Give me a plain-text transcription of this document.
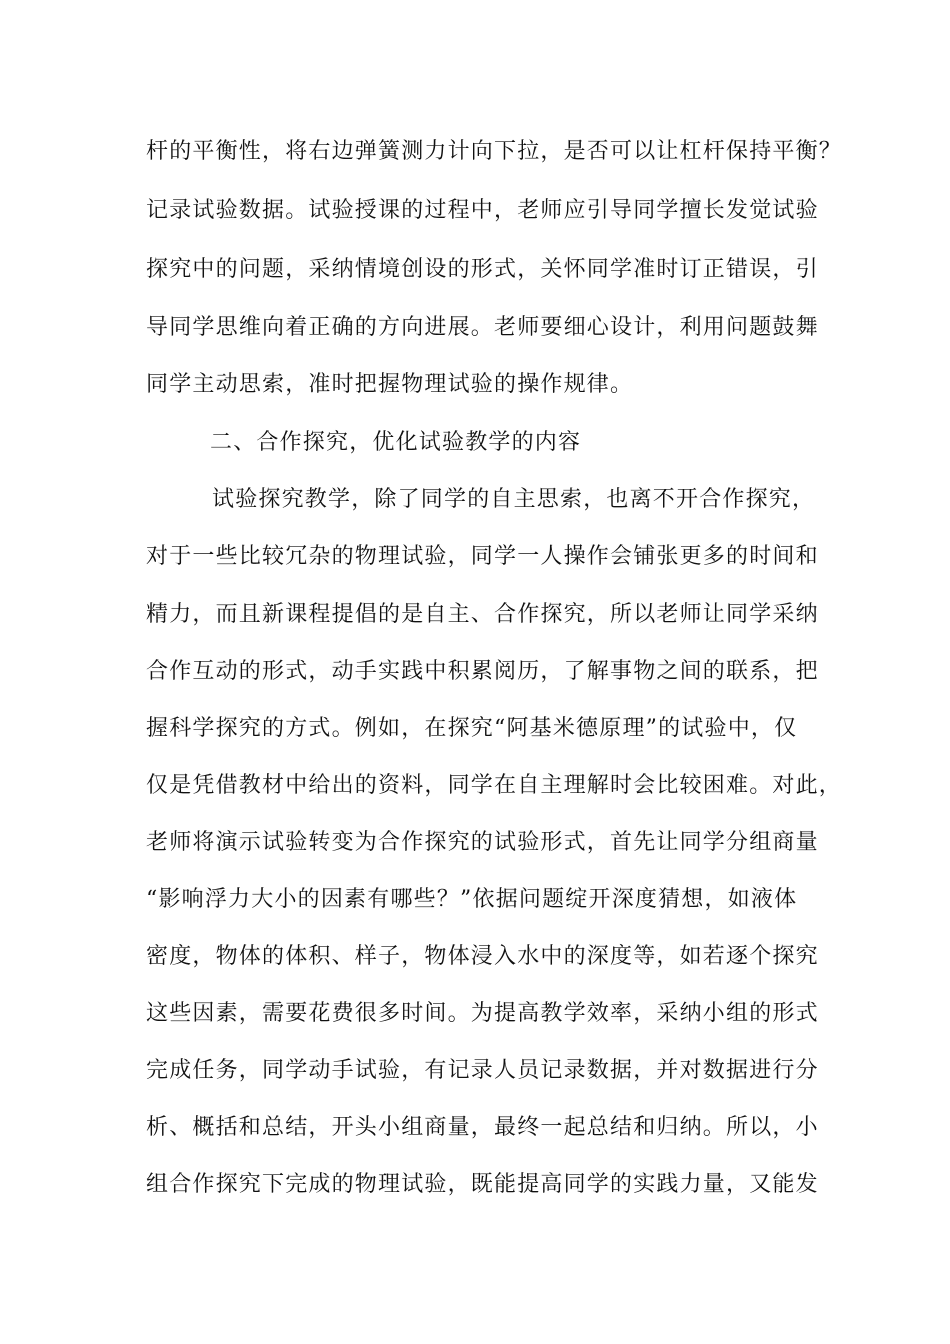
杆的平衡性，将右边弹簧测力计向下拉，是否可以让杠杆保持平衡？
记录试验数据。试验授课的过程中，老师应引导同学擅长发觉试验
探究中的问题，采纳情境创设的形式，关怀同学准时订正错误，引
导同学思维向着正确的方向进展。老师要细心设计，利用问题鼓舞
同学主动思索，准时把握物理试验的操作规律。
二、合作探究，优化试验教学的内容
试验探究教学，除了同学的自主思索，也离不开合作探究，
对于一些比较冗杂的物理试验，同学一人操作会铺张更多的时间和
精力，而且新课程提倡的是自主、合作探究，所以老师让同学采纳
合作互动的形式，动手实践中积累阅历，了解事物之间的联系，把
握科学探究的方式。例如，在探究“阿基米德原理”的试验中，仅
仅是凭借教材中给出的资料，同学在自主理解时会比较困难。对此，
老师将演示试验转变为合作探究的试验形式，首先让同学分组商量
“影响浮力大小的因素有哪些？”依据问题绽开深度猜想，如液体
密度，物体的体积、样子，物体浸入水中的深度等，如若逐个探究
这些因素，需要花费很多时间。为提高教学效率，采纳小组的形式
完成任务，同学动手试验，有记录人员记录数据，并对数据进行分
析、概括和总结，开头小组商量，最终一起总结和归纳。所以，小
组合作探究下完成的物理试验，既能提高同学的实践力量，又能发
